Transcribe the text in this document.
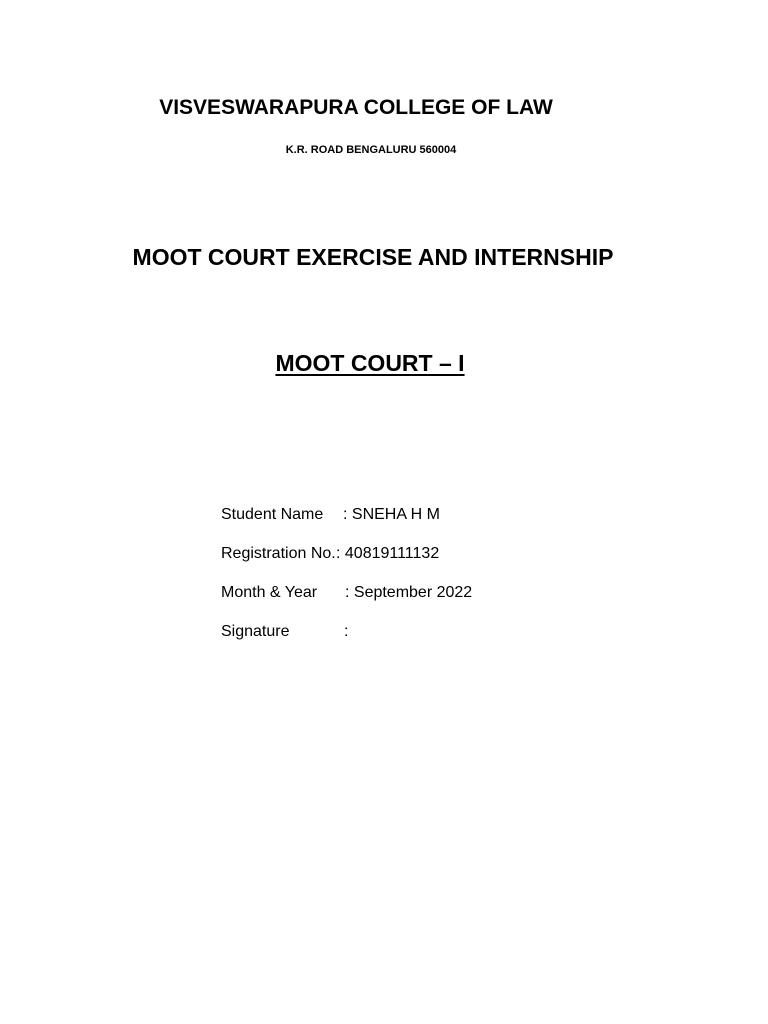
VISVESWARAPURA COLLEGE OF LAW
K.R. ROAD BENGALURU 560004
MOOT COURT EXERCISE AND INTERNSHIP
MOOT COURT – I
Student Name : SNEHA H M
Registration No. : 40819111132
Month & Year : September 2022
Signature	:
